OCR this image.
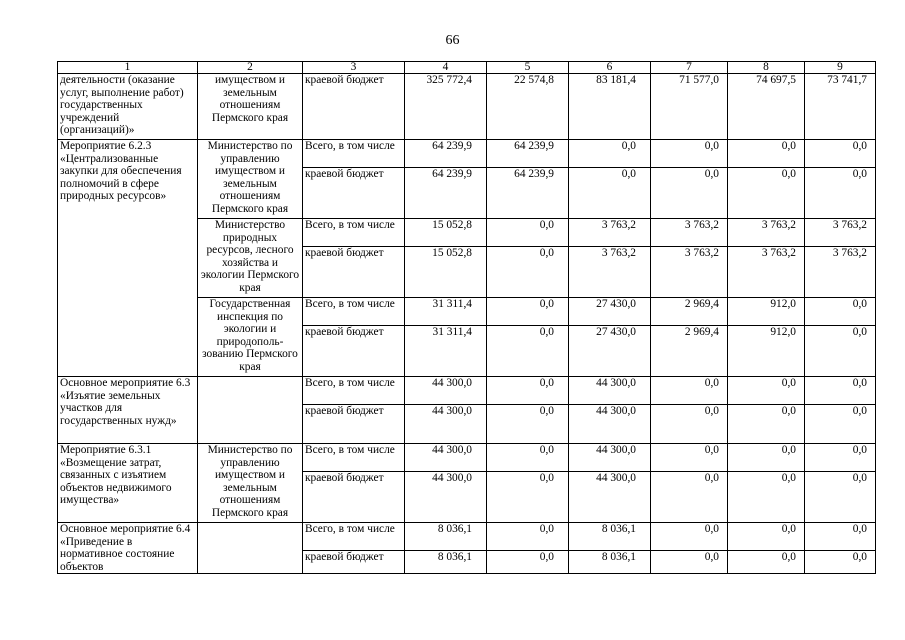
66
1	2	3	4	5	6	7	8	9
деятельности (оказание услуг, выполнение работ) государственных учреждений (организаций)»	имуществом и земельным отношениям Пермского края	краевой бюджет	325 772,4	22 574,8	83 181,4	71 577,0	74 697,5	73 741,7
Мероприятие 6.2.3 «Централизованные закупки для обеспечения полномочий в сфере природных ресурсов»	Министерство по управлению имуществом и земельным отношениям Пермского края	Всего, в том числе	64 239,9	64 239,9	0,0	0,0	0,0	0,0
		краевой бюджет	64 239,9	64 239,9	0,0	0,0	0,0	0,0
	Министерство природных ресурсов, лесного хозяйства и экологии Пермского края	Всего, в том числе	15 052,8	0,0	3 763,2	3 763,2	3 763,2	3 763,2
		краевой бюджет	15 052,8	0,0	3 763,2	3 763,2	3 763,2	3 763,2
	Государственная инспекция по экологии и природополь-зованию Пермского края	Всего, в том числе	31 311,4	0,0	27 430,0	2 969,4	912,0	0,0
		краевой бюджет	31 311,4	0,0	27 430,0	2 969,4	912,0	0,0
Основное мероприятие 6.3 «Изъятие земельных участков для государственных нужд»		Всего, в том числе	44 300,0	0,0	44 300,0	0,0	0,0	0,0
		краевой бюджет	44 300,0	0,0	44 300,0	0,0	0,0	0,0
Мероприятие 6.3.1 «Возмещение затрат, связанных с изъятием объектов недвижимого имущества»	Министерство по управлению имуществом и земельным отношениям Пермского края	Всего, в том числе	44 300,0	0,0	44 300,0	0,0	0,0	0,0
		краевой бюджет	44 300,0	0,0	44 300,0	0,0	0,0	0,0
Основное мероприятие 6.4 «Приведение в нормативное состояние объектов		Всего, в том числе	8 036,1	0,0	8 036,1	0,0	0,0	0,0
		краевой бюджет	8 036,1	0,0	8 036,1	0,0	0,0	0,0
